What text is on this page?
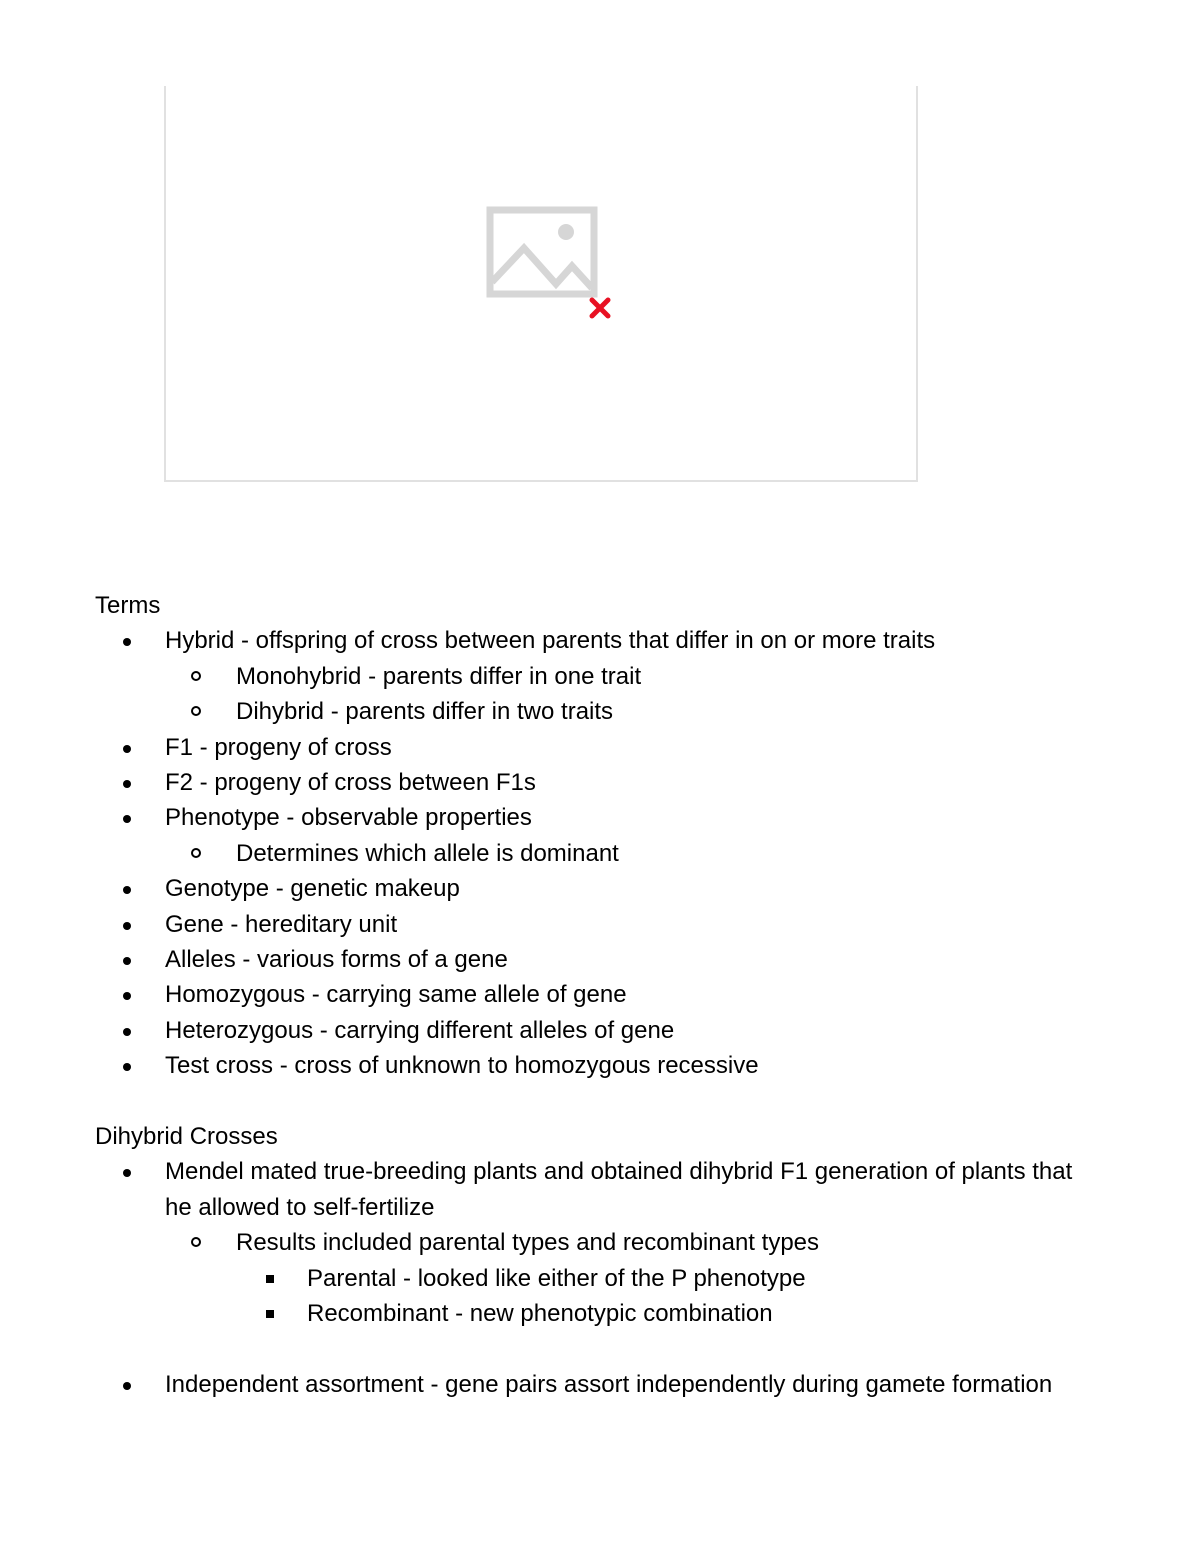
Terms
Hybrid - offspring of cross between parents that differ in on or more traits
Monohybrid - parents differ in one trait
Dihybrid - parents differ in two traits
F1 - progeny of cross
F2 - progeny of cross between F1s
Phenotype - observable properties
Determines which allele is dominant
Genotype - genetic makeup
Gene - hereditary unit
Alleles - various forms of a gene
Homozygous - carrying same allele of gene
Heterozygous - carrying different alleles of gene
Test cross - cross of unknown to homozygous recessive
Dihybrid Crosses
Mendel mated true-breeding plants and obtained dihybrid F1 generation of plants that he allowed to self-fertilize
Results included parental types and recombinant types
Parental - looked like either of the P phenotype
Recombinant - new phenotypic combination
Independent assortment - gene pairs assort independently during gamete formation
